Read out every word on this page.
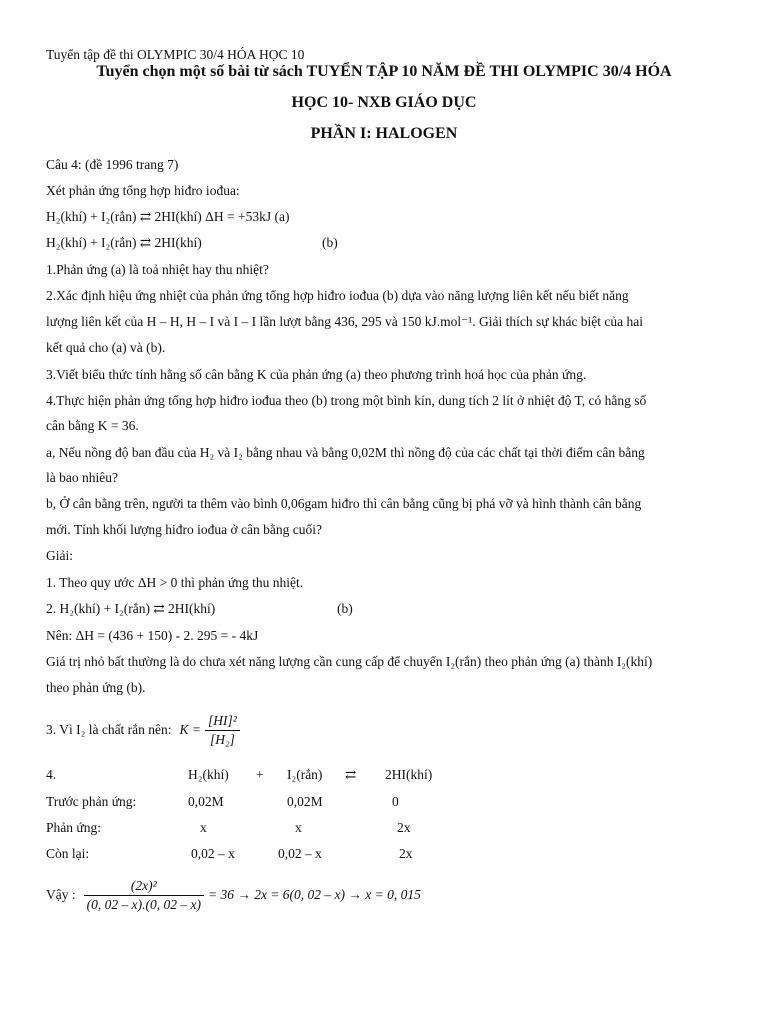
Tuyển tập đề thi OLYMPIC 30/4 HÓA HỌC 10
Tuyển chọn một số bài từ sách TUYỂN TẬP 10 NĂM ĐỀ THI OLYMPIC 30/4 HÓA
HỌC 10- NXB GIÁO DỤC
PHẦN I: HALOGEN
Câu 4: (đề 1996 trang 7)
Xét phản ứng tổng hợp hiđro iođua:
H₂(khí) + I₂(rắn) ⇄ 2HI(khí) ΔH = +53kJ (a)
H₂(khí) + I₂(rắn) ⇄ 2HI(khí)	(b)
1.Phản ứng (a) là toả nhiệt hay thu nhiệt?
2.Xác định hiệu ứng nhiệt của phản ứng tổng hợp hiđro iođua (b) dựa vào năng lượng liên kết nếu biết năng
lượng liên kết của H – H, H – I và I – I lần lượt bằng 436, 295 và 150 kJ.mol⁻¹. Giải thích sự khác biệt của hai
kết quả cho (a) và (b).
3.Viết biểu thức tính hằng số cân bằng K của phản ứng (a) theo phương trình hoá học của phản ứng.
4.Thực hiện phản ứng tổng hợp hiđro iođua theo (b) trong một bình kín, dung tích 2 lít ở nhiệt độ T, có hằng số
cân bằng K = 36.
a, Nếu nồng độ ban đầu của H₂ và I₂ bằng nhau và bằng 0,02M thì nồng độ của các chất tại thời điểm cân bằng
là bao nhiêu?
b, Ở cân bằng trên, người ta thêm vào bình 0,06gam hiđro thì cân bằng cũng bị phá vỡ và hình thành cân bằng
mới. Tính khối lượng hiđro iođua ở cân bằng cuối?
Giải:
1. Theo quy ước ΔH > 0 thì phản ứng thu nhiệt.
2. H₂(khí) + I₂(rắn) ⇄ 2HI(khí)	(b)
Nên: ΔH = (436 + 150) - 2. 295 = - 4kJ
Giá trị nhỏ bất thường là do chưa xét năng lượng cần cung cấp để chuyển I₂(rắn) theo phản ứng (a) thành I₂(khí)
theo phản ứng (b).
3. Vì I₂ là chất rắn nên: $K = \frac{\text{[HI]²}}{\text{[H₂]}}$
4.	H₂(khí) + I₂(rắn) ⇄ 2HI(khí)
Trước phản ứng:	0,02M	0,02M	0
Phản ứng:	x	x	2x
Còn lại:	0,02 – x	0,02 – x	2x
Vậy : $\frac{\text{(2x)²}}{(0, 02 - x).(0, 02 - x)} = 36 \to 2x = 6(0$, 02 – x) → x = 0, 015
